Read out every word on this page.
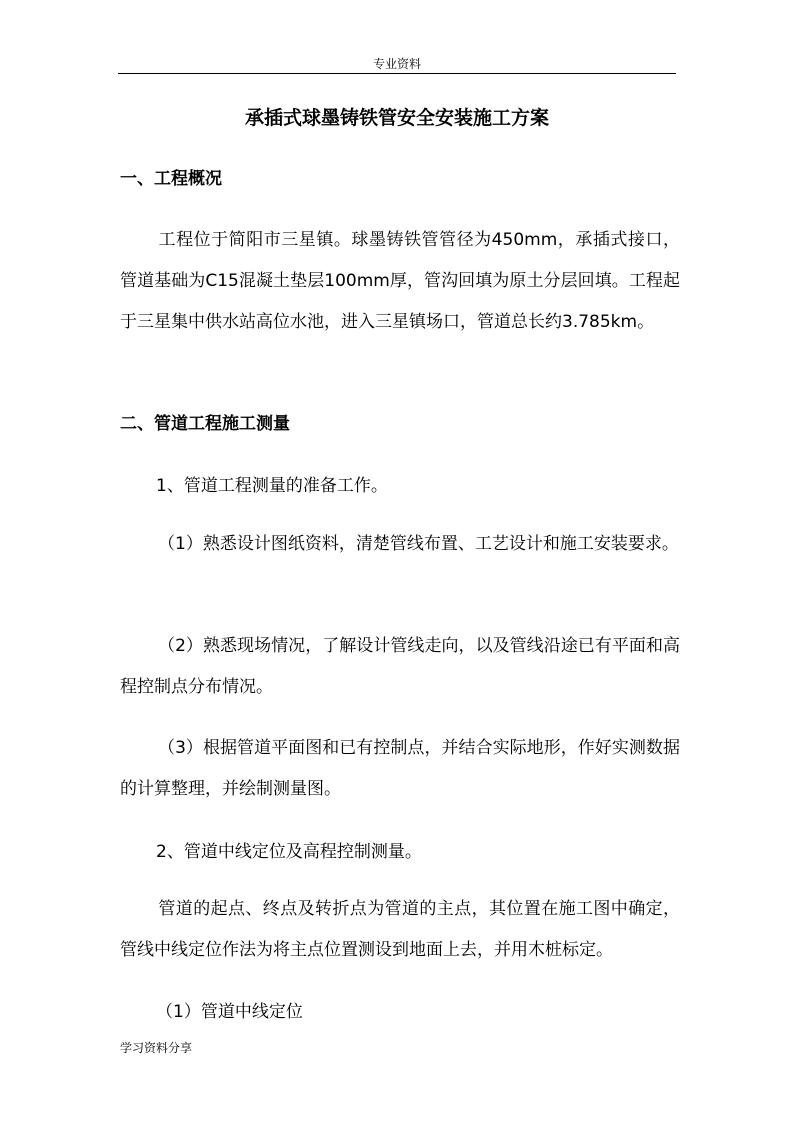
专业资料
承插式球墨铸铁管安全安装施工方案
一、工程概况
工程位于简阳市三星镇。球墨铸铁管管径为450mm，承插式接口，管道基础为C15混凝土垫层100mm厚，管沟回填为原土分层回填。工程起于三星集中供水站高位水池，进入三星镇场口，管道总长约3.785km。
二、管道工程施工测量
1、管道工程测量的准备工作。
（1）熟悉设计图纸资料，清楚管线布置、工艺设计和施工安装要求。
（2）熟悉现场情况，了解设计管线走向，以及管线沿途已有平面和高程控制点分布情况。
（3）根据管道平面图和已有控制点，并结合实际地形，作好实测数据的计算整理，并绘制测量图。
2、管道中线定位及高程控制测量。
管道的起点、终点及转折点为管道的主点，其位置在施工图中确定，管线中线定位作法为将主点位置测设到地面上去，并用木桩标定。
（1）管道中线定位
学习资料分享
